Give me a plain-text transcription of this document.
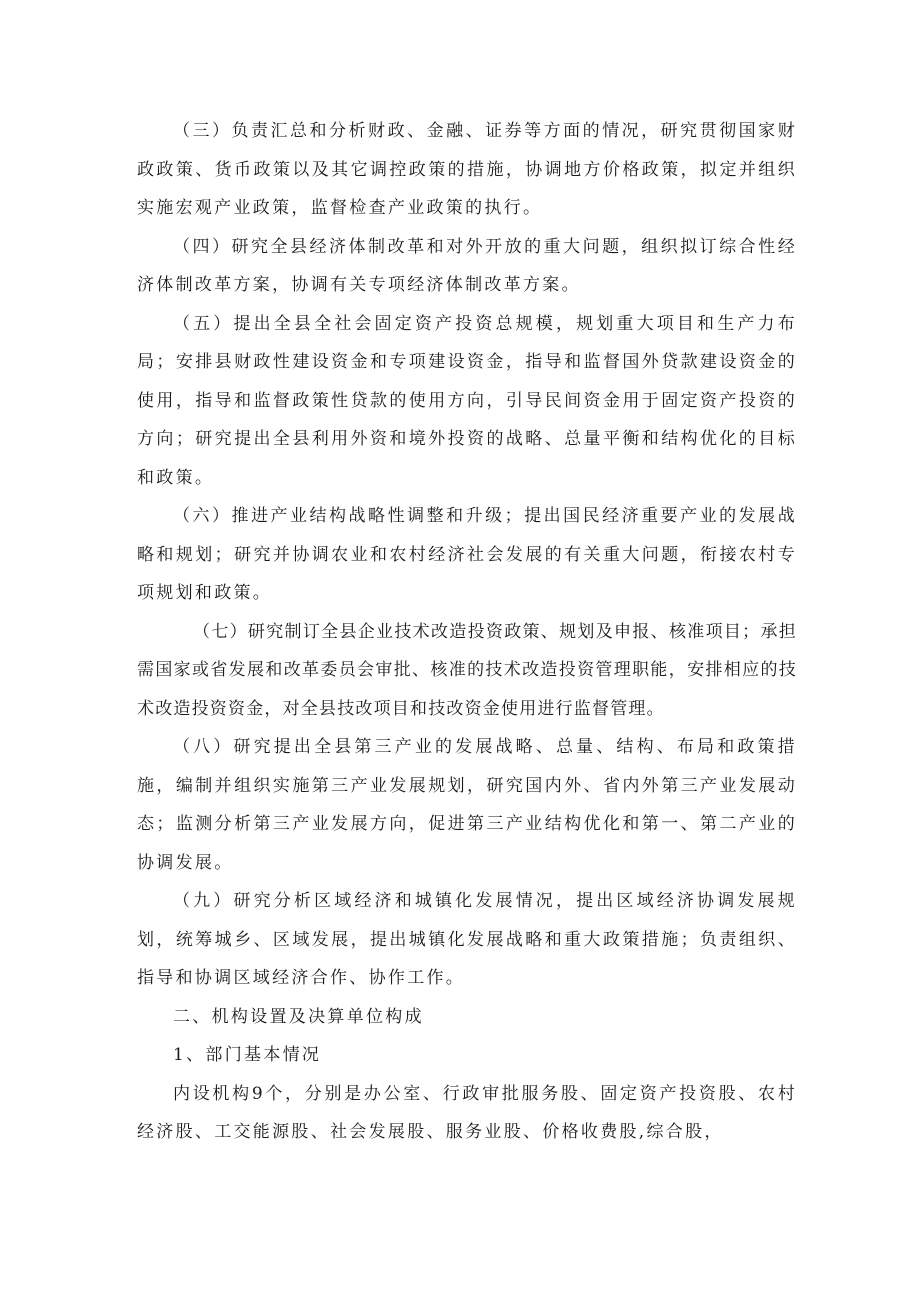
（三）负责汇总和分析财政、金融、证券等方面的情况，研究贯彻国家财政政策、货币政策以及其它调控政策的措施，协调地方价格政策，拟定并组织实施宏观产业政策，监督检查产业政策的执行。

（四）研究全县经济体制改革和对外开放的重大问题，组织拟订综合性经济体制改革方案，协调有关专项经济体制改革方案。

（五）提出全县全社会固定资产投资总规模，规划重大项目和生产力布局；安排县财政性建设资金和专项建设资金，指导和监督国外贷款建设资金的使用，指导和监督政策性贷款的使用方向，引导民间资金用于固定资产投资的方向；研究提出全县利用外资和境外投资的战略、总量平衡和结构优化的目标和政策。

（六）推进产业结构战略性调整和升级；提出国民经济重要产业的发展战略和规划；研究并协调农业和农村经济社会发展的有关重大问题，衔接农村专项规划和政策。

（七）研究制订全县企业技术改造投资政策、规划及申报、核准项目；承担需国家或省发展和改革委员会审批、核准的技术改造投资管理职能，安排相应的技术改造投资资金，对全县技改项目和技改资金使用进行监督管理。

（八）研究提出全县第三产业的发展战略、总量、结构、布局和政策措施，编制并组织实施第三产业发展规划，研究国内外、省内外第三产业发展动态；监测分析第三产业发展方向，促进第三产业结构优化和第一、第二产业的协调发展。

（九）研究分析区域经济和城镇化发展情况，提出区域经济协调发展规划，统筹城乡、区域发展，提出城镇化发展战略和重大政策措施；负责组织、指导和协调区域经济合作、协作工作。

二、机构设置及决算单位构成

1、部门基本情况

内设机构9个，分别是办公室、行政审批服务股、固定资产投资股、农村经济股、工交能源股、社会发展股、服务业股、价格收费股,综合股，
